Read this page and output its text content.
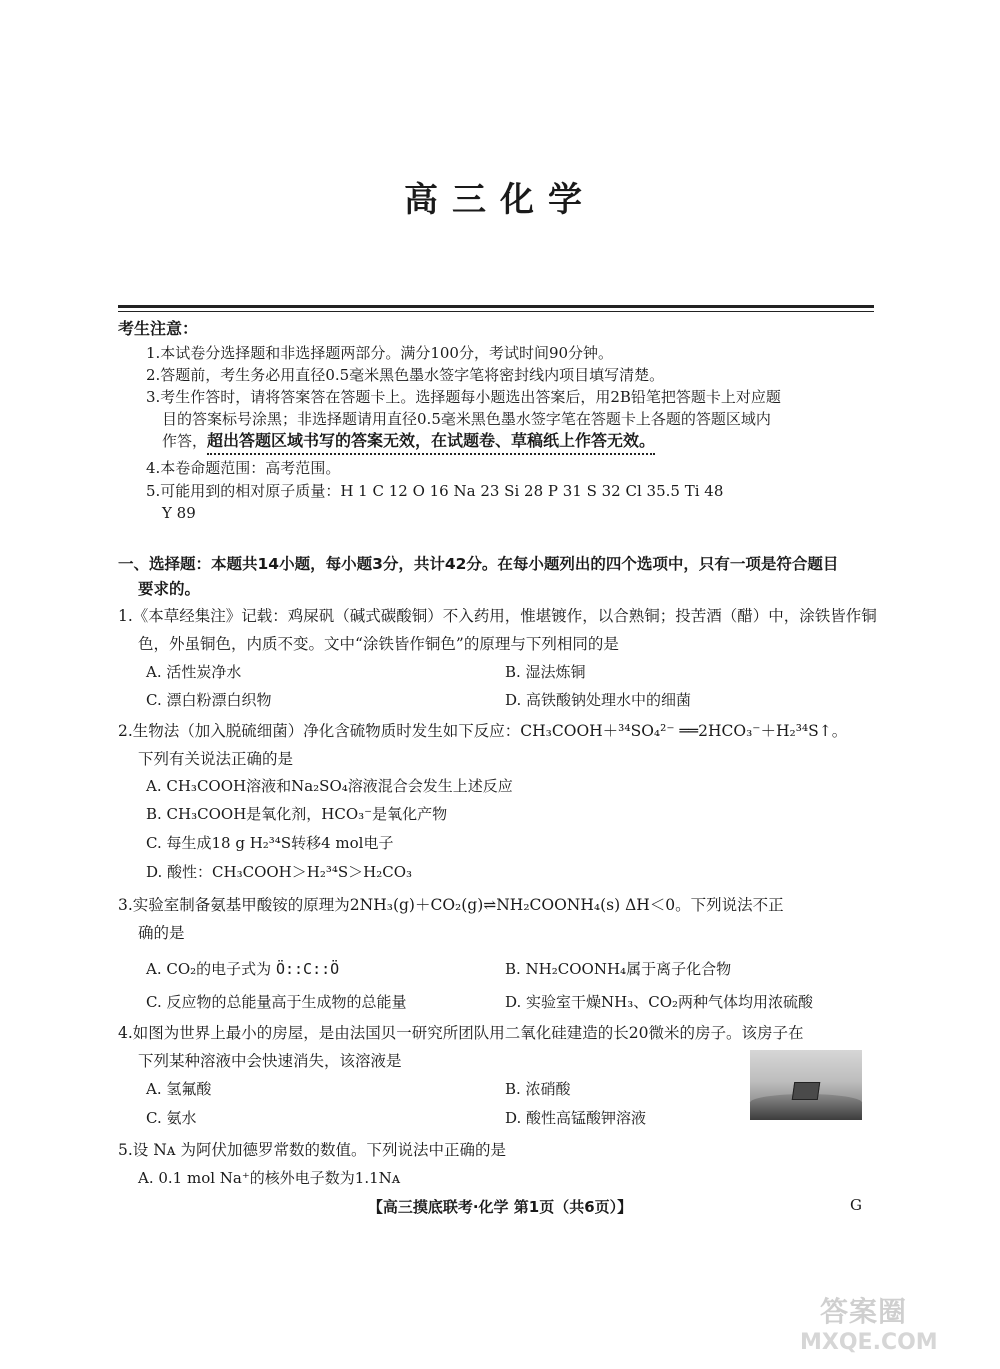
高三化学
考生注意：
1.本试卷分选择题和非选择题两部分。满分100分，考试时间90分钟。
2.答题前，考生务必用直径0.5毫米黑色墨水签字笔将密封线内项目填写清楚。
3.考生作答时，请将答案答在答题卡上。选择题每小题选出答案后，用2B铅笔把答题卡上对应题
目的答案标号涂黑；非选择题请用直径0.5毫米黑色墨水签字笔在答题卡上各题的答题区域内
作答，超出答题区域书写的答案无效，在试题卷、草稿纸上作答无效。
4.本卷命题范围：高考范围。
5.可能用到的相对原子质量：H 1 C 12 O 16 Na 23 Si 28 P 31 S 32 Cl 35.5 Ti 48
Y 89
一、选择题：本题共14小题，每小题3分，共计42分。在每小题列出的四个选项中，只有一项是符合题目
要求的。
1.《本草经集注》记载：鸡屎矾（碱式碳酸铜）不入药用，惟堪镀作，以合熟铜；投苦酒（醋）中，涂铁皆作铜
色，外虽铜色，内质不变。文中“涂铁皆作铜色”的原理与下列相同的是
A. 活性炭净水	B. 湿法炼铜
C. 漂白粉漂白织物	D. 高铁酸钠处理水中的细菌
2.生物法（加入脱硫细菌）净化含硫物质时发生如下反应：CH₃COOH＋³⁴SO₄²⁻ ══2HCO₃⁻＋H₂³⁴S↑。
下列有关说法正确的是
A. CH₃COOH溶液和Na₂SO₄溶液混合会发生上述反应
B. CH₃COOH是氧化剂，HCO₃⁻是氧化产物
C. 每生成18 g H₂³⁴S转移4 mol电子
D. 酸性：CH₃COOH＞H₂³⁴S＞H₂CO₃
3.实验室制备氨基甲酸铵的原理为2NH₃(g)＋CO₂(g)⇌NH₂COONH₄(s) ΔH＜0。下列说法不正
确的是
A. CO₂的电子式为 Ö::C::Ö	B. NH₂COONH₄属于离子化合物
C. 反应物的总能量高于生成物的总能量	D. 实验室干燥NH₃、CO₂两种气体均用浓硫酸
4.如图为世界上最小的房屋，是由法国贝一研究所团队用二氧化硅建造的长20微米的房子。该房子在
下列某种溶液中会快速消失，该溶液是
A. 氢氟酸	B. 浓硝酸
C. 氨水	D. 酸性高锰酸钾溶液
5.设 Nᴀ 为阿伏加德罗常数的数值。下列说法中正确的是
A. 0.1 mol Na⁺的核外电子数为1.1Nᴀ
【高三摸底联考·化学 第1页（共6页）】	G
答案圈
MXQE.COM
